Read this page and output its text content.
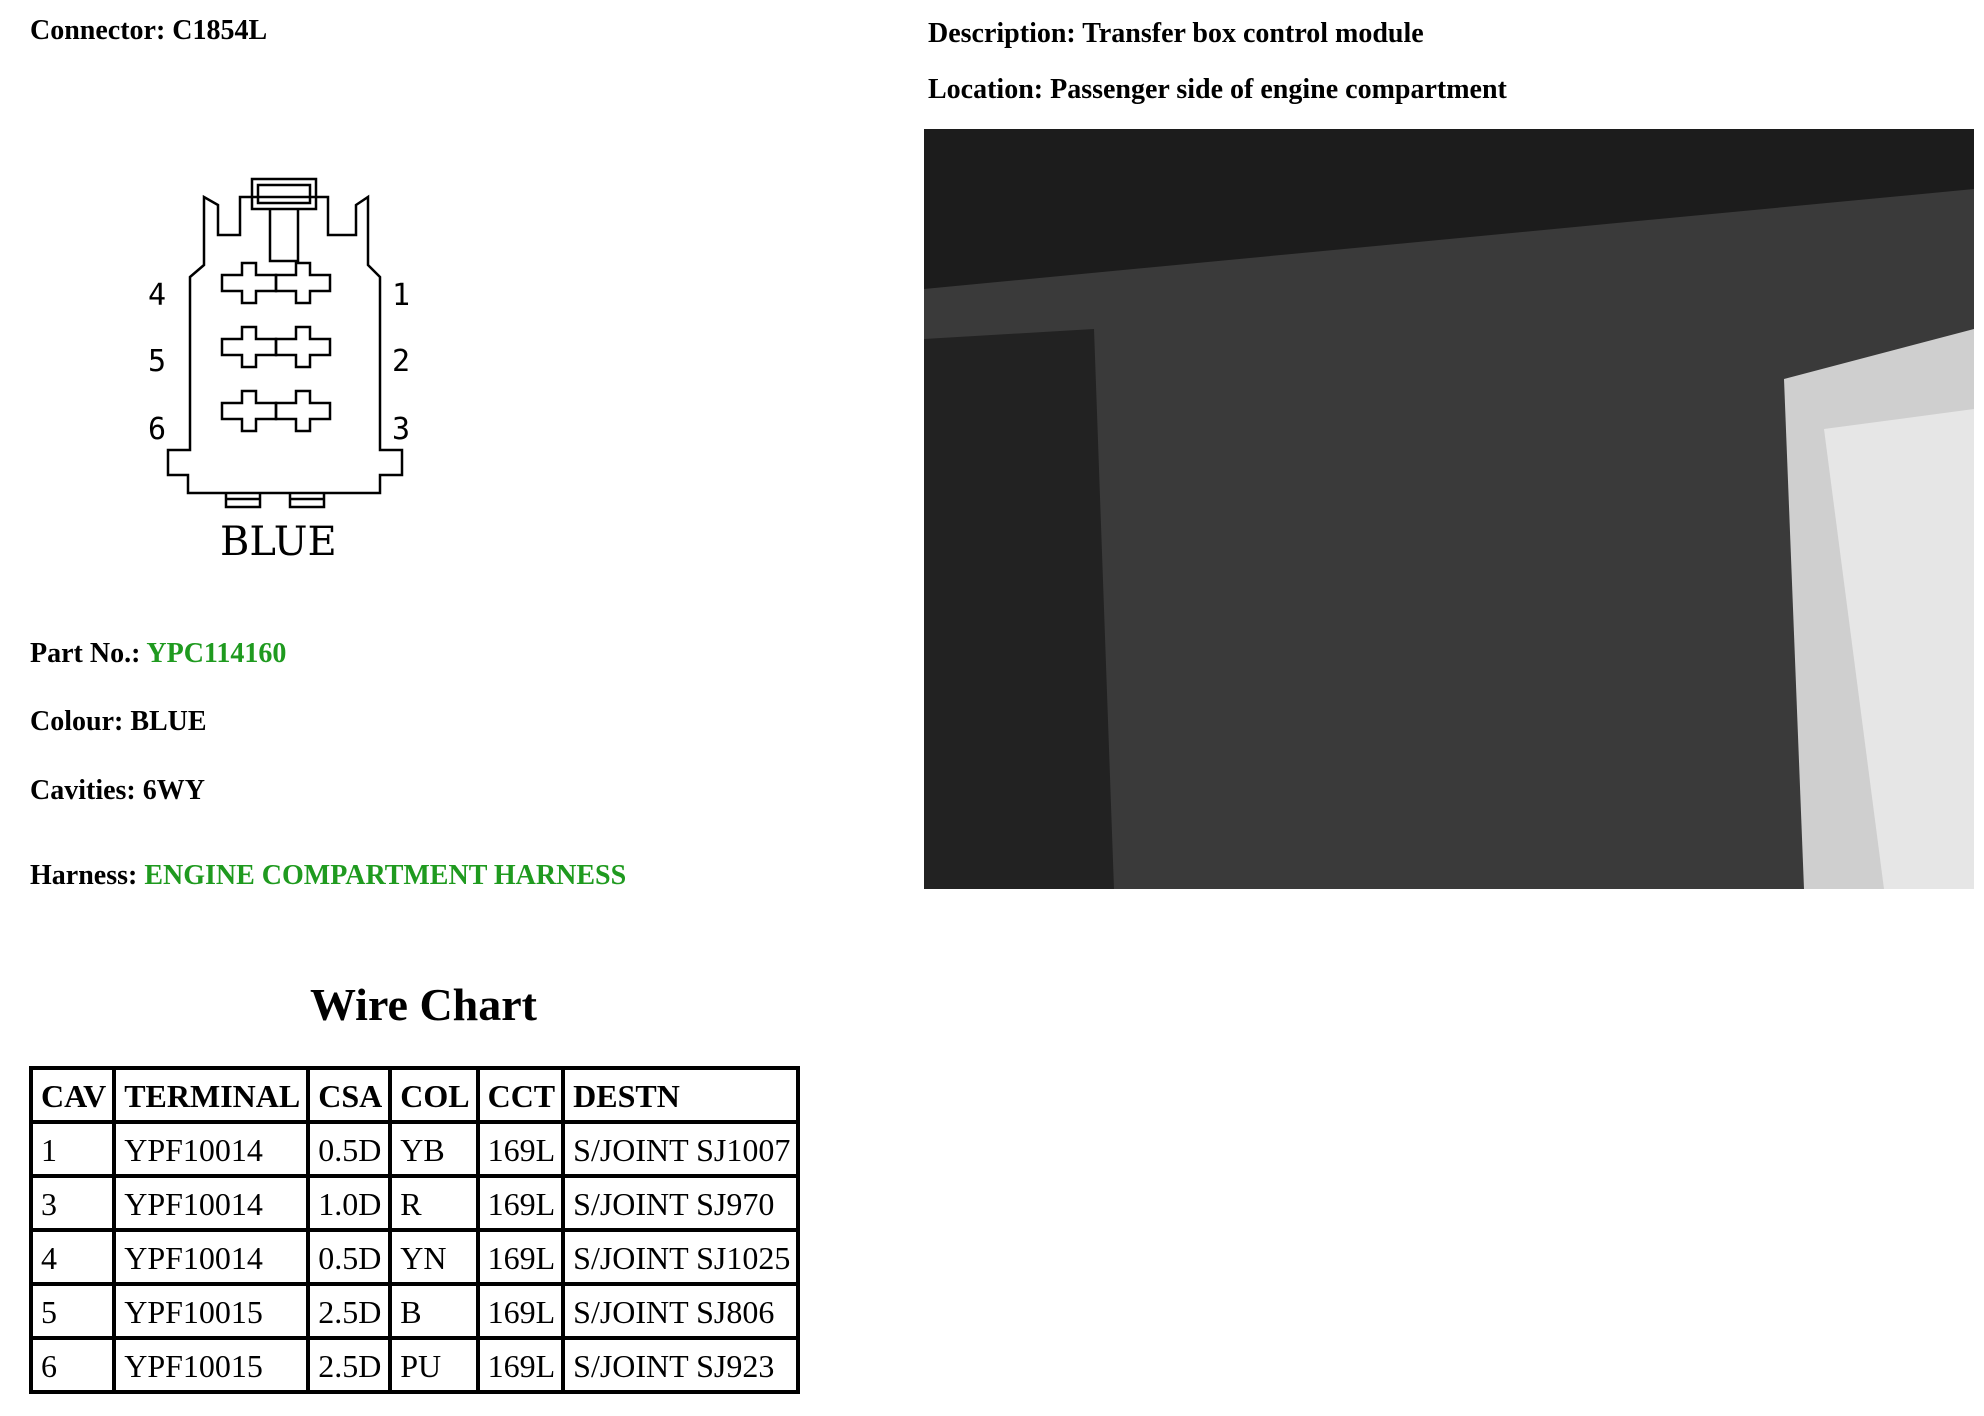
Connector: C1854L	Description: Transfer box control module
Location: Passenger side of engine compartment
4
5
6
1
2
3
BLUE
Part No.: YPC114160
Colour: BLUE
Cavities: 6WY
Harness: ENGINE COMPARTMENT HARNESS
Wire Chart
CAV	TERMINAL	CSA	COL	CCT	DESTN
1	YPF10014	0.5D	YB	169L	S/JOINT SJ1007
3	YPF10014	1.0D	R	169L	S/JOINT SJ970
4	YPF10014	0.5D	YN	169L	S/JOINT SJ1025
5	YPF10015	2.5D	B	169L	S/JOINT SJ806
6	YPF10015	2.5D	PU	169L	S/JOINT SJ923
